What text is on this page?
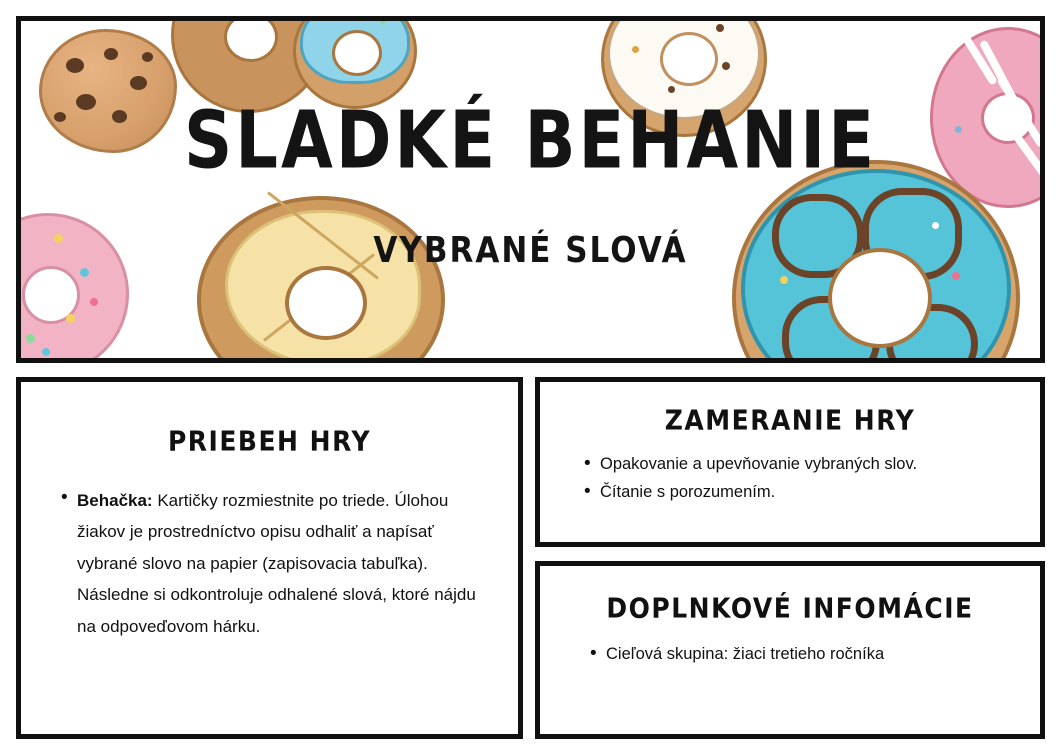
SLADKÉ BEHANIE
VYBRANÉ SLOVÁ
PRIEBEH HRY
• Behačka: Kartičky rozmiestnite po triede. Úlohou žiakov je prostredníctvo opisu odhaliť a napísať vybrané slovo na papier (zapisovacia tabuľka). Následne si odkontroluje odhalené slová, ktoré nájdu na odpoveďovom hárku.
ZAMERANIE HRY
• Opakovanie a upevňovanie vybraných slov.
• Čítanie s porozumením.
DOPLNKOVÉ INFOMÁCIE
• Cieľová skupina: žiaci tretieho ročníka
